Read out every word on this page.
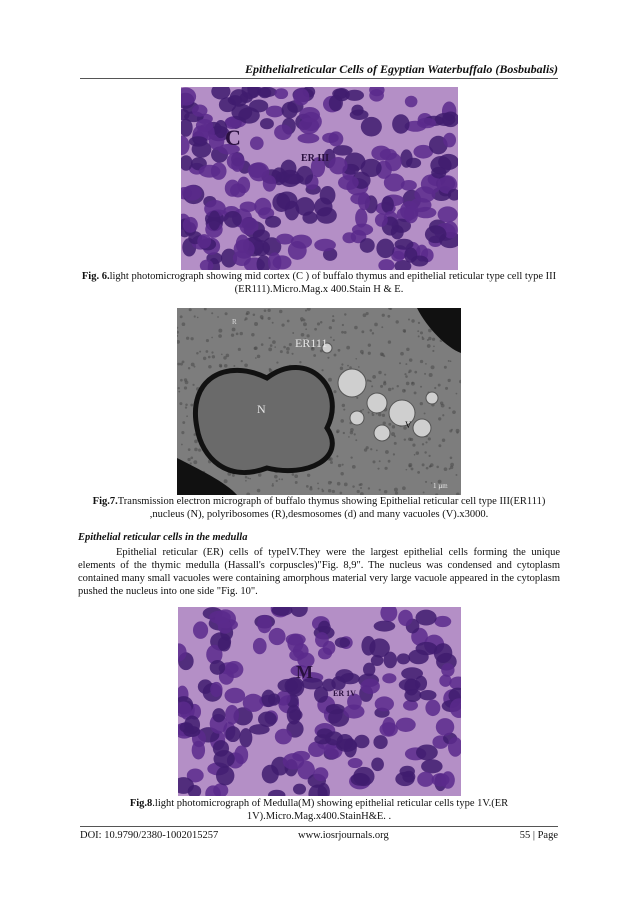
Epithelialreticular Cells of Egyptian Waterbuffalo (Bosbubalis)
C
ER III
Fig. 6.light photomicrograph showing mid cortex (C ) of buffalo thymus and epithelial reticular type cell type III (ER111).Micro.Mag.x 400.Stain H & E.
ER111
N
V
R
1 µm
Fig.7.Transmission electron micrograph of buffalo thymus showing Epithelial reticular cell type III(ER111) ,nucleus (N), polyribosomes (R),desmosomes (d) and many vacuoles (V).x3000.
Epithelial reticular cells in the medulla
Epithelial reticular (ER) cells of typeIV.They were the largest epithelial cells forming the unique elements of the thymic medulla (Hassall's corpuscles)"Fig. 8,9". The nucleus was condensed and cytoplasm contained many small vacuoles were containing amorphous material very large vacuole appeared in the cytoplasm pushed the nucleus into one side "Fig. 10".
M
ER 1V
Fig.8.light photomicrograph of Medulla(M) showing epithelial reticular cells type 1V.(ER 1V).Micro.Mag.x400.StainH&E. .
DOI: 10.9790/2380-1002015257	www.iosrjournals.org	55 | Page
